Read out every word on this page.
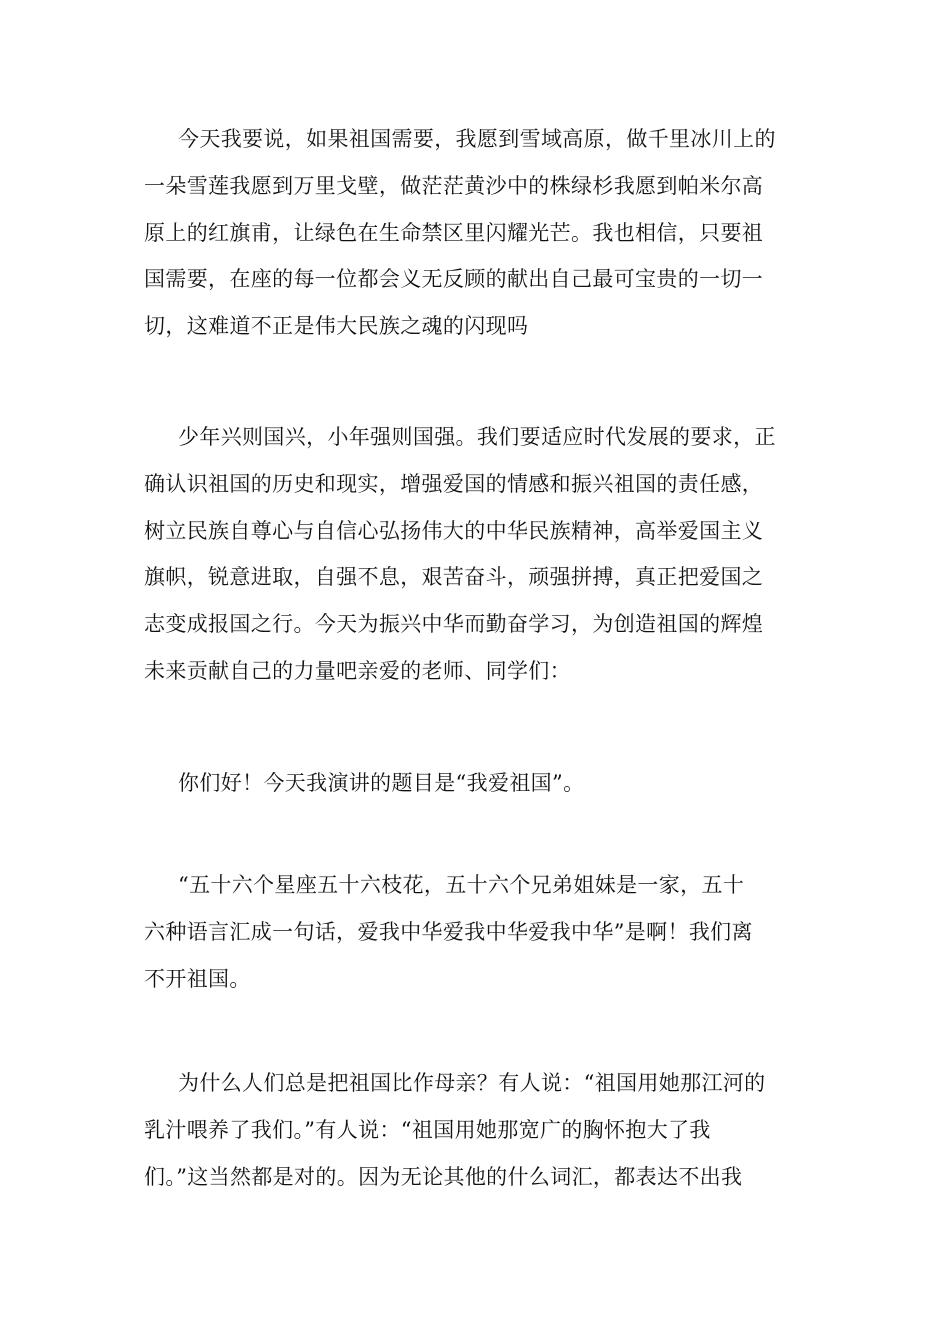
今天我要说，如果祖国需要，我愿到雪域高原，做千里冰川上的
一朵雪莲我愿到万里戈壁，做茫茫黄沙中的株绿杉我愿到帕米尔高
原上的红旗甫，让绿色在生命禁区里闪耀光芒。我也相信，只要祖
国需要，在座的每一位都会义无反顾的献出自己最可宝贵的一切一
切，这难道不正是伟大民族之魂的闪现吗
少年兴则国兴，小年强则国强。我们要适应时代发展的要求，正
确认识祖国的历史和现实，增强爱国的情感和振兴祖国的责任感，
树立民族自尊心与自信心弘扬伟大的中华民族精神，高举爱国主义
旗帜，锐意进取，自强不息，艰苦奋斗，顽强拼搏，真正把爱国之
志变成报国之行。今天为振兴中华而勤奋学习，为创造祖国的辉煌
未来贡献自己的力量吧亲爱的老师、同学们：
你们好！今天我演讲的题目是“我爱祖国”。
“五十六个星座五十六枝花，五十六个兄弟姐妹是一家，五十
六种语言汇成一句话，爱我中华爱我中华爱我中华”是啊！我们离
不开祖国。
为什么人们总是把祖国比作母亲？有人说：“祖国用她那江河的
乳汁喂养了我们。”有人说：“祖国用她那宽广的胸怀抱大了我
们。”这当然都是对的。因为无论其他的什么词汇，都表达不出我
